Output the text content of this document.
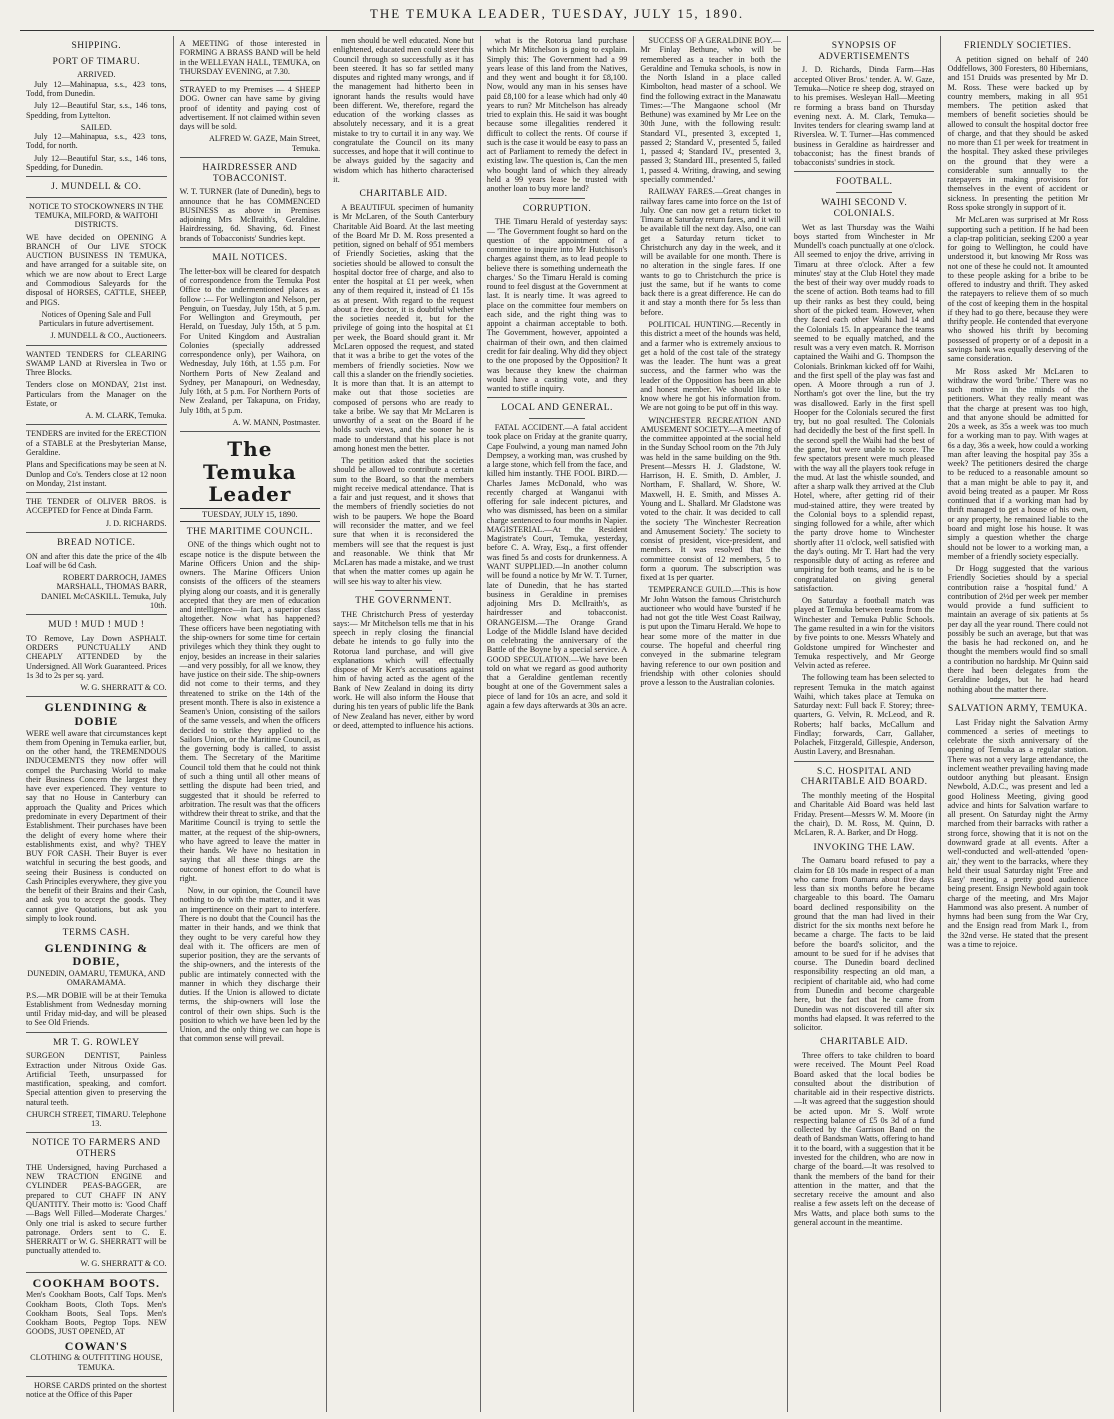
THE TEMUKA LEADER, TUESDAY, JULY 15, 1890.
SHIPPING.
PORT OF TIMARU.
ARRIVED.

July 12—Mahinapua, s.s., 423 tons, Todd, from Dunedin.

July 12—Beautiful Star, s.s., 146 tons, Spedding, from Lyttelton.

SAILED.

July 12—Mahinapua, s.s., 423 tons, Todd, for north.

July 12—Beautiful Star, s.s., 146 tons, Spedding, for Dunedin.

J. MUNDELL & CO.

NOTICE TO STOCKOWNERS IN THE TEMUKA, MILFORD, & WAITOHI DISTRICTS.

WE have decided on OPENING A BRANCH of Our LIVE STOCK AUCTION BUSINESS IN TEMUKA, and have arranged for a suitable site, on which we are now about to Erect Large and Commodious Saleyards for the disposal of HORSES, CATTLE, SHEEP, and PIGS.

Notices of Opening Sale and Full Particulars in future advertisement.

J. MUNDELL & CO., Auctioneers.

WANTED TENDERS for CLEARING SWAMP LAND at Riverslea in Two or Three Blocks.

Tenders close on MONDAY, 21st inst. Particulars from the Manager on the Estate, or

A. M. CLARK, Temuka.

TENDERS are invited for the ERECTION of a STABLE at the Presbyterian Manse, Geraldine.

Plans and Specifications may be seen at N. Dunlop and Co's. Tenders close at 12 noon on Monday, 21st instant.

THE TENDER of OLIVER BROS. is ACCEPTED for Fence at Dinda Farm.

J. D. RICHARDS.

BREAD NOTICE.

ON and after this date the price of the 4lb Loaf will be 6d Cash.

ROBERT DARROCH, JAMES MARSHALL, THOMAS BARR, DANIEL McCASKILL. Temuka, July 10th.

MUD ! MUD ! MUD !

TO Remove, Lay Down ASPHALT. ORDERS PUNCTUALLY AND CHEAPLY ATTENDED by the Undersigned. All Work Guaranteed. Prices 1s 3d to 2s per sq. yard.

W. G. SHERRATT & CO.

GLENDINING & DOBIE

WERE well aware that circumstances kept them from Opening in Temuka earlier, but, on the other hand, the TREMENDOUS INDUCEMENTS they now offer will compel the Purchasing World to make their Business Concern the largest they have ever experienced. They venture to say that no House in Canterbury can approach the Quality and Prices which predominate in every Department of their Establishment. Their purchases have been the delight of every home where their establishments exist, and why? THEY BUY FOR CASH. Their Buyer is ever watchful in securing the best goods, and seeing their Business is conducted on Cash Principles everywhere, they give you the benefit of their Brains and their Cash, and ask you to accept the goods. They cannot give Quotations, but ask you simply to look round.

TERMS CASH.
GLENDINING & DOBIE,

DUNEDIN, OAMARU, TEMUKA, AND OMARAMAMA.

P.S.—MR DOBIE will be at their Temuka Establishment from Wednesday morning until Friday mid-day, and will be pleased to See Old Friends.

MR T. G. ROWLEY

SURGEON DENTIST, Painless Extraction under Nitrous Oxide Gas. Artificial Teeth, unsurpassed for mastification, speaking, and comfort. Special attention given to preserving the natural teeth.

CHURCH STREET, TIMARU. Telephone 13.

NOTICE TO FARMERS AND OTHERS

THE Undersigned, having Purchased a NEW TRACTION ENGINE and CYLINDER PEAS-BAGGER, are prepared to CUT CHAFF IN ANY QUANTITY. Their motto is: 'Good Chaff—Bags Well Filled—Moderate Charges.' Only one trial is asked to secure further patronage. Orders sent to C. E. SHERRATT or W. G. SHERRATT will be punctually attended to.

W. G. SHERRATT & CO.

COOKHAM BOOTS.

Men's Cookham Boots, Calf Tops. Men's Cookham Boots, Cloth Tops. Men's Cookham Boots, Seal Tops. Men's Cookham Boots, Pegtop Tops. NEW GOODS, JUST OPENED, AT

COWAN'S

CLOTHING & OUTFITTING HOUSE, TEMUKA.

HORSE CARDS printed on the shortest notice at the Office of this Paper

A MEETING of those interested in FORMING A BRASS BAND will be held in the WELLEYAN HALL, TEMUKA, on THURSDAY EVENING, at 7.30.

STRAYED to my Premises — 4 SHEEP DOG. Owner can have same by giving proof of identity and paying cost of advertisement. If not claimed within seven days will be sold.

ALFRED W. GAZE, Main Street, Temuka.

HAIRDRESSER AND TOBACCONIST.

W. T. TURNER (late of Dunedin), begs to announce that he has COMMENCED BUSINESS as above in Premises adjoining Mrs McIlraith's, Geraldine. Hairdressing, 6d. Shaving, 6d. Finest brands of Tobacconists' Sundries kept.

MAIL NOTICES.

The letter-box will be cleared for despatch of correspondence from the Temuka Post Office to the undermentioned places as follow :— For Wellington and Nelson, per Penguin, on Tuesday, July 15th, at 5 p.m. For Wellington and Greymouth, per Herald, on Tuesday, July 15th, at 5 p.m. For United Kingdom and Australian Colonies (specially addressed correspondence only), per Waihora, on Wednesday, July 16th, at 1.55 p.m. For Northern Ports of New Zealand and Sydney, per Manapouri, on Wednesday, July 16th, at 5 p.m. For Northern Ports of New Zealand, per Takapuna, on Friday, July 18th, at 5 p.m.

A. W. MANN, Postmaster.

The Temuka Leader
TUESDAY, JULY 15, 1890.
THE MARITIME COUNCIL.

ONE of the things which ought not to escape notice is the dispute between the Marine Officers Union and the ship-owners. The Marine Officers Union consists of the officers of the steamers plying along our coasts, and it is generally accepted that they are men of education and intelligence—in fact, a superior class altogether. Now what has happened? These officers have been negotiating with the ship-owners for some time for certain privileges which they think they ought to enjoy, besides an increase in their salaries—and very possibly, for all we know, they have justice on their side. The ship-owners did not come to their terms, and they threatened to strike on the 14th of the present month. There is also in existence a Seamen's Union, consisting of the sailors of the same vessels, and when the officers decided to strike they applied to the Sailors Union, or the Maritime Council, as the governing body is called, to assist them. The Secretary of the Maritime Council told them that he could not think of such a thing until all other means of settling the dispute had been tried, and suggested that it should be referred to arbitration. The result was that the officers withdrew their threat to strike, and that the Maritime Council is trying to settle the matter, at the request of the ship-owners, who have agreed to leave the matter in their hands. We have no hesitation in saying that all these things are the outcome of honest effort to do what is right.

Now, in our opinion, the Council have nothing to do with the matter, and it was an impertinence on their part to interfere. There is no doubt that the Council has the matter in their hands, and we think that they ought to be very careful how they deal with it. The officers are men of superior position, they are the servants of the ship-owners, and the interests of the public are intimately connected with the manner in which they discharge their duties. If the Union is allowed to dictate terms, the ship-owners will lose the control of their own ships. Such is the position to which we have been led by the Union, and the only thing we can hope is that common sense will prevail.

men should be well educated. None but enlightened, educated men could steer this Council through so successfully as it has been steered. It has so far settled many disputes and righted many wrongs, and if the management had hitherto been in ignorant hands the results would have been different. We, therefore, regard the education of the working classes as absolutely necessary, and it is a great mistake to try to curtail it in any way. We congratulate the Council on its many successes, and hope that it will continue to be always guided by the sagacity and wisdom which has hitherto characterised it.

CHARITABLE AID.

A BEAUTIFUL specimen of humanity is Mr McLaren, of the South Canterbury Charitable Aid Board. At the last meeting of the Board Mr D. M. Ross presented a petition, signed on behalf of 951 members of Friendly Societies, asking that the societies should be allowed to consult the hospital doctor free of charge, and also to enter the hospital at £1 per week, when any of them required it, instead of £1 15s as at present. With regard to the request about a free doctor, it is doubtful whether the societies needed it, but for the privilege of going into the hospital at £1 per week, the Board should grant it. Mr McLaren opposed the request, and stated that it was a bribe to get the votes of the members of friendly societies. Now we call this a slander on the friendly societies. It is more than that. It is an attempt to make out that those societies are composed of persons who are ready to take a bribe. We say that Mr McLaren is unworthy of a seat on the Board if he holds such views, and the sooner he is made to understand that his place is not among honest men the better.

The petition asked that the societies should be allowed to contribute a certain sum to the Board, so that the members might receive medical attendance. That is a fair and just request, and it shows that the members of friendly societies do not wish to be paupers. We hope the Board will reconsider the matter, and we feel sure that when it is reconsidered the members will see that the request is just and reasonable. We think that Mr McLaren has made a mistake, and we trust that when the matter comes up again he will see his way to alter his view.

THE GOVERNMENT.

THE Christchurch Press of yesterday says:— Mr Mitchelson tells me that in his speech in reply closing the financial debate he intends to go fully into the Rotorua land purchase, and will give explanations which will effectually dispose of Mr Kerr's accusations against him of having acted as the agent of the Bank of New Zealand in doing its dirty work. He will also inform the House that during his ten years of public life the Bank of New Zealand has never, either by word or deed, attempted to influence his actions.

what is the Rotorua land purchase which Mr Mitchelson is going to explain. Simply this: The Government had a 99 years lease of this land from the Natives, and they went and bought it for £8,100. Now, would any man in his senses have paid £8,100 for a lease which had only 40 years to run? Mr Mitchelson has already tried to explain this. He said it was bought because some illegalities rendered it difficult to collect the rents. Of course if such is the case it would be easy to pass an act of Parliament to remedy the defect in existing law. The question is, Can the men who bought land of which they already held a 99 years lease be trusted with another loan to buy more land?

CORRUPTION.

THE Timaru Herald of yesterday says:— 'The Government fought so hard on the question of the appointment of a committee to inquire into Mr Hutchison's charges against them, as to lead people to believe there is something underneath the charges.' So the Timaru Herald is coming round to feel disgust at the Government at last. It is nearly time. It was agreed to place on the committee four members on each side, and the right thing was to appoint a chairman acceptable to both. The Government, however, appointed a chairman of their own, and then claimed credit for fair dealing. Why did they object to the one proposed by the Opposition? It was because they knew the chairman would have a casting vote, and they wanted to stifle inquiry.

LOCAL AND GENERAL.

FATAL ACCIDENT.—A fatal accident took place on Friday at the granite quarry, Cape Foulwind, a young man named John Dempsey, a working man, was crushed by a large stone, which fell from the face, and killed him instantly. THE FOOL BIRD.—Charles James McDonald, who was recently charged at Wanganui with offering for sale indecent pictures, and who was dismissed, has been on a similar charge sentenced to four months in Napier. MAGISTERIAL.—At the Resident Magistrate's Court, Temuka, yesterday, before C. A. Wray, Esq., a first offender was fined 5s and costs for drunkenness. A WANT SUPPLIED.—In another column will be found a notice by Mr W. T. Turner, late of Dunedin, that he has started business in Geraldine in premises adjoining Mrs D. McIlraith's, as hairdresser and tobacconist. ORANGEISM.—The Orange Grand Lodge of the Middle Island have decided on celebrating the anniversary of the Battle of the Boyne by a special service. A GOOD SPECULATION.—We have been told on what we regard as good authority that a Geraldine gentleman recently bought at one of the Government sales a piece of land for 10s an acre, and sold it again a few days afterwards at 30s an acre.

SUCCESS OF A GERALDINE BOY.—Mr Finlay Bethune, who will be remembered as a teacher in both the Geraldine and Temuka schools, is now in the North Island in a place called Kimbolton, head master of a school. We find the following extract in the Manawatu Times:—'The Mangaone school (Mr Bethune) was examined by Mr Lee on the 30th June, with the following result: Standard VI., presented 3, excepted 1, passed 2; Standard V., presented 5, failed 1, passed 4; Standard IV., presented 3, passed 3; Standard III., presented 5, failed 1, passed 4. Writing, drawing, and sewing specially commended.'

RAILWAY FARES.—Great changes in railway fares came into force on the 1st of July. One can now get a return ticket to Timaru at Saturday return fares, and it will be available till the next day. Also, one can get a Saturday return ticket to Christchurch any day in the week, and it will be available for one month. There is no alteration in the single fares. If one wants to go to Christchurch the price is just the same, but if he wants to come back there is a great difference. He can do it and stay a month there for 5s less than before.

POLITICAL HUNTING.—Recently in this district a meet of the hounds was held, and a farmer who is extremely anxious to get a hold of the cost tale of the strategy was the leader. The hunt was a great success, and the farmer who was the leader of the Opposition has been an able and honest member. We should like to know where he got his information from. We are not going to be put off in this way.

WINCHESTER RECREATION AND AMUSEMENT SOCIETY.—A meeting of the committee appointed at the social held in the Sunday School room on the 7th July was held in the same building on the 9th. Present—Messrs H. J. Gladstone, W. Harrison, H. E. Smith, D. Ambler, J. Northam, F. Shallard, W. Shore, W. Maxwell, H. E. Smith, and Misses A. Young and L. Shallard. Mr Gladstone was voted to the chair. It was decided to call the society 'The Winchester Recreation and Amusement Society.' The society to consist of president, vice-president, and members. It was resolved that the committee consist of 12 members, 5 to form a quorum. The subscription was fixed at 1s per quarter.

TEMPERANCE GUILD.—This is how Mr John Watson the famous Christchurch auctioneer who would have 'bursted' if he had not got the title West Coast Railway, is put upon the Timaru Herald. We hope to hear some more of the matter in due course. The hopeful and cheerful ring conveyed in the submarine telegram having reference to our own position and friendship with other colonies should prove a lesson to the Australian colonies.

SYNOPSIS OF ADVERTISEMENTS

J. D. Richards, Dinda Farm—Has accepted Oliver Bros.' tender. A. W. Gaze, Temuka—Notice re sheep dog, strayed on to his premises. Wesleyan Hall—Meeting re forming a brass band on Thursday evening next. A. M. Clark, Temuka—Invites tenders for clearing swamp land at Riverslea. W. T. Turner—Has commenced business in Geraldine as hairdresser and tobacconist; has the finest brands of tobacconists' sundries in stock.

FOOTBALL.
WAIHI SECOND V. COLONIALS.

Wet as last Thursday was the Waihi boys started from Winchester in Mr Mundell's coach punctually at one o'clock. All seemed to enjoy the drive, arriving in Timaru at three o'clock. After a few minutes' stay at the Club Hotel they made the best of their way over muddy roads to the scene of action. Both teams had to fill up their ranks as best they could, being short of the picked team. However, when they faced each other Waihi had 14 and the Colonials 15. In appearance the teams seemed to be equally matched, and the result was a very even match. R. Morrison captained the Waihi and G. Thompson the Colonials. Brinkman kicked off for Waihi, and the first spell of the play was fast and open. A Moore through a run of J. Northam's got over the line, but the try was disallowed. Early in the first spell Hooper for the Colonials secured the first try, but no goal resulted. The Colonials had decidedly the best of the first spell. In the second spell the Waihi had the best of the game, but were unable to score. The few spectators present were much pleased with the way all the players took refuge in the mud. At last the whistle sounded, and after a sharp walk they arrived at the Club Hotel, where, after getting rid of their mud-stained attire, they were treated by the Colonial boys to a splendid repast, singing followed for a while, after which the party drove home to Winchester shortly after 11 o'clock, well satisfied with the day's outing. Mr T. Hart had the very responsible duty of acting as referee and umpiring for both teams, and he is to be congratulated on giving general satisfaction.

On Saturday a football match was played at Temuka between teams from the Winchester and Temuka Public Schools. The game resulted in a win for the visitors by five points to one. Messrs Whately and Goldstone umpired for Winchester and Temuka respectively, and Mr George Velvin acted as referee.

The following team has been selected to represent Temuka in the match against Waihi, which takes place at Temuka on Saturday next: Full back F. Storey; three-quarters, G. Velvin, R. McLeod, and R. Roberts; half backs, McCallum and Findlay; forwards, Carr, Gallaher, Polachek, Fitzgerald, Gillespie, Anderson, Austin Lavery, and Bresnahan.

S.C. HOSPITAL AND CHARITABLE AID BOARD.

The monthly meeting of the Hospital and Charitable Aid Board was held last Friday. Present—Messrs W. M. Moore (in the chair), D. M. Ross, M. Quinn, D. McLaren, R. A. Barker, and Dr Hogg.

INVOKING THE LAW.

The Oamaru board refused to pay a claim for £8 10s made in respect of a man who came from Oamaru about five days less than six months before he became chargeable to this board. The Oamaru board declined responsibility on the ground that the man had lived in their district for the six months next before he became a charge. The facts to be laid before the board's solicitor, and the amount to be sued for if he advises that course. The Dunedin board declined responsibility respecting an old man, a recipient of charitable aid, who had come from Dunedin and become chargeable here, but the fact that he came from Dunedin was not discovered till after six months had elapsed. It was referred to the solicitor.

CHARITABLE AID.

Three offers to take children to board were received. The Mount Peel Road Board asked that the local bodies be consulted about the distribution of charitable aid in their respective districts.—It was agreed that the suggestion should be acted upon. Mr S. Wolf wrote respecting balance of £5 0s 3d of a fund collected by the Garrison Band on the death of Bandsman Watts, offering to hand it to the board, with a suggestion that it be invested for the children, who are now in charge of the board.—It was resolved to thank the members of the band for their attention in the matter, and that the secretary receive the amount and also realise a few assets left on the decease of Mrs Watts, and place both sums to the general account in the meantime.

FRIENDLY SOCIETIES.

A petition signed on behalf of 240 Oddfellows, 300 Foresters, 80 Hibernians, and 151 Druids was presented by Mr D. M. Ross. These were backed up by country members, making in all 951 members. The petition asked that members of benefit societies should be allowed to consult the hospital doctor free of charge, and that they should be asked no more than £1 per week for treatment in the hospital. They asked these privileges on the ground that they were a considerable sum annually to the ratepayers in making provisions for themselves in the event of accident or sickness. In presenting the petition Mr Ross spoke strongly in support of it.

Mr McLaren was surprised at Mr Ross supporting such a petition. If he had been a clap-trap politician, seeking £200 a year for going to Wellington, he could have understood it, but knowing Mr Ross was not one of these he could not. It amounted to these people asking for a bribe to be offered to industry and thrift. They asked the ratepayers to relieve them of so much of the cost of keeping them in the hospital if they had to go there, because they were thrifty people. He contended that everyone who showed his thrift by becoming possessed of property or of a deposit in a savings bank was equally deserving of the same consideration.

Mr Ross asked Mr McLaren to withdraw the word 'bribe.' There was no such motive in the minds of the petitioners. What they really meant was that the charge at present was too high, and that anyone should be admitted for 20s a week, as 35s a week was too much for a working man to pay. With wages at 6s a day, 36s a week, how could a working man after leaving the hospital pay 35s a week? The petitioners desired the charge to be reduced to a reasonable amount so that a man might be able to pay it, and avoid being treated as a pauper. Mr Ross continued that if a working man had by thrift managed to get a house of his own, or any property, he remained liable to the board and might lose his house. It was simply a question whether the charge should not be lower to a working man, a member of a friendly society especially.

Dr Hogg suggested that the various Friendly Societies should by a special contribution raise a 'hospital fund.' A contribution of 2½d per week per member would provide a fund sufficient to maintain an average of six patients at 5s per day all the year round. There could not possibly be such an average, but that was the basis he had reckoned on, and he thought the members would find so small a contribution no hardship. Mr Quinn said there had been delegates from the Geraldine lodges, but he had heard nothing about the matter there.

SALVATION ARMY, TEMUKA.

Last Friday night the Salvation Army commenced a series of meetings to celebrate the sixth anniversary of the opening of Temuka as a regular station. There was not a very large attendance, the inclement weather prevailing having made outdoor anything but pleasant. Ensign Newbold, A.D.C., was present and led a good Holiness Meeting, giving good advice and hints for Salvation warfare to all present. On Saturday night the Army marched from their barracks with rather a strong force, showing that it is not on the downward grade at all events. After a well-conducted and well-attended 'open-air,' they went to the barracks, where they held their usual Saturday night 'Free and Easy' meeting, a pretty good audience being present. Ensign Newbold again took charge of the meeting, and Mrs Major Hammond was also present. A number of hymns had been sung from the War Cry, and the Ensign read from Mark I., from the 32nd verse. He stated that the present was a time to rejoice.
